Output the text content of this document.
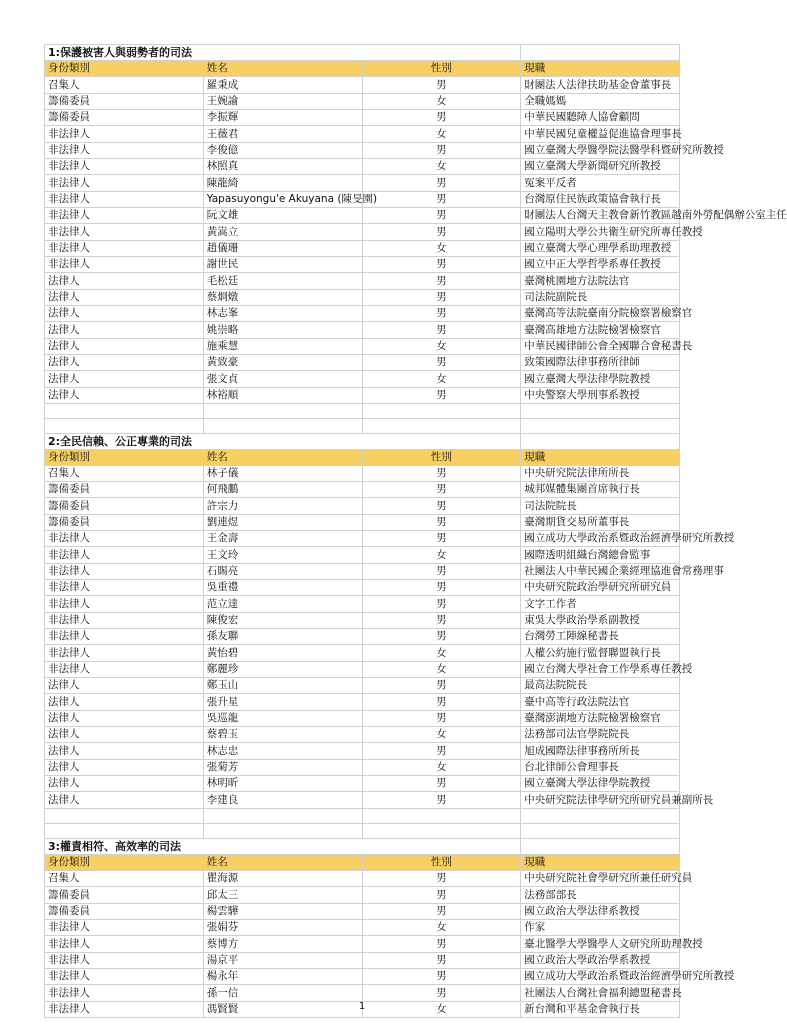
1:保護被害人與弱勢者的司法			
身份類別	姓名	性別	現職
召集人	羅秉成	男	財團法人法律扶助基金會董事長
籌備委員	王婉諭	女	全職媽媽
籌備委員	李振輝	男	中華民國聽障人協會顧問
非法律人	王薇君	女	中華民國兒童權益促進協會理事長
非法律人	李俊億	男	國立臺灣大學醫學院法醫學科暨研究所教授
非法律人	林照真	女	國立臺灣大學新聞研究所教授
非法律人	陳龍綺	男	冤案平反者
非法律人	Yapasuyongu'e Akuyana (陳旻園)	男	台灣原住民族政策協會執行長
非法律人	阮文雄	男	財團法人台灣天主教會新竹教區越南外勞配偶辦公室主任
非法律人	黃嵩立	男	國立陽明大學公共衛生研究所專任教授
非法律人	趙儀珊	女	國立臺灣大學心理學系助理教授
非法律人	謝世民	男	國立中正大學哲學系專任教授
法律人	毛松廷	男	臺灣桃園地方法院法官
法律人	蔡烱燉	男	司法院副院長
法律人	林志峯	男	臺灣高等法院臺南分院檢察署檢察官
法律人	姚崇略	男	臺灣高雄地方法院檢署檢察官
法律人	施乘慧	女	中華民國律師公會全國聯合會秘書長
法律人	黃致豪	男	致策國際法律事務所律師
法律人	張文貞	女	國立臺灣大學法律學院教授
法律人	林裕順	男	中央警察大學刑事系教授

2:全民信賴、公正專業的司法			
身份類別	姓名	性別	現職
召集人	林子儀	男	中央研究院法律所所長
籌備委員	何飛鵬	男	城邦媒體集團首席執行長
籌備委員	許宗力	男	司法院院長
籌備委員	劉連煜	男	臺灣期貨交易所董事長
非法律人	王金壽	男	國立成功大學政治系暨政治經濟學研究所教授
非法律人	王文玲	女	國際透明組織台灣總會監事
非法律人	石賜亮	男	社團法人中華民國企業經理協進會常務理事
非法律人	吳重禮	男	中央研究院政治學研究所研究員
非法律人	范立達	男	文字工作者
非法律人	陳俊宏	男	東吳大學政治學系副教授
非法律人	孫友聯	男	台灣勞工陣線秘書長
非法律人	黃怡碧	女	人權公約施行監督聯盟執行長
非法律人	鄭麗珍	女	國立台灣大學社會工作學系專任教授
法律人	鄭玉山	男	最高法院院長
法律人	張升星	男	臺中高等行政法院法官
法律人	吳巡龍	男	臺灣澎湖地方法院檢署檢察官
法律人	蔡碧玉	女	法務部司法官學院院長
法律人	林志忠	男	旭成國際法律事務所所長
法律人	張菊芳	女	台北律師公會理事長
法律人	林明昕	男	國立臺灣大學法律學院教授
法律人	李建良	男	中央研究院法律學研究所研究員兼副所長

3:權責相符、高效率的司法			
身份類別	姓名	性別	現職
召集人	瞿海源	男	中央研究院社會學研究所兼任研究員
籌備委員	邱太三	男	法務部部長
籌備委員	楊雲驊	男	國立政治大學法律系教授
非法律人	張娟芬	女	作家
非法律人	蔡博方	男	臺北醫學大學醫學人文研究所助理教授
非法律人	湯京平	男	國立政治大學政治學系教授
非法律人	楊永年	男	國立成功大學政治系暨政治經濟學研究所教授
非法律人	孫一信	男	社團法人台灣社會福利總盟秘書長
非法律人	馮賢賢	女	新台灣和平基金會執行長
1
